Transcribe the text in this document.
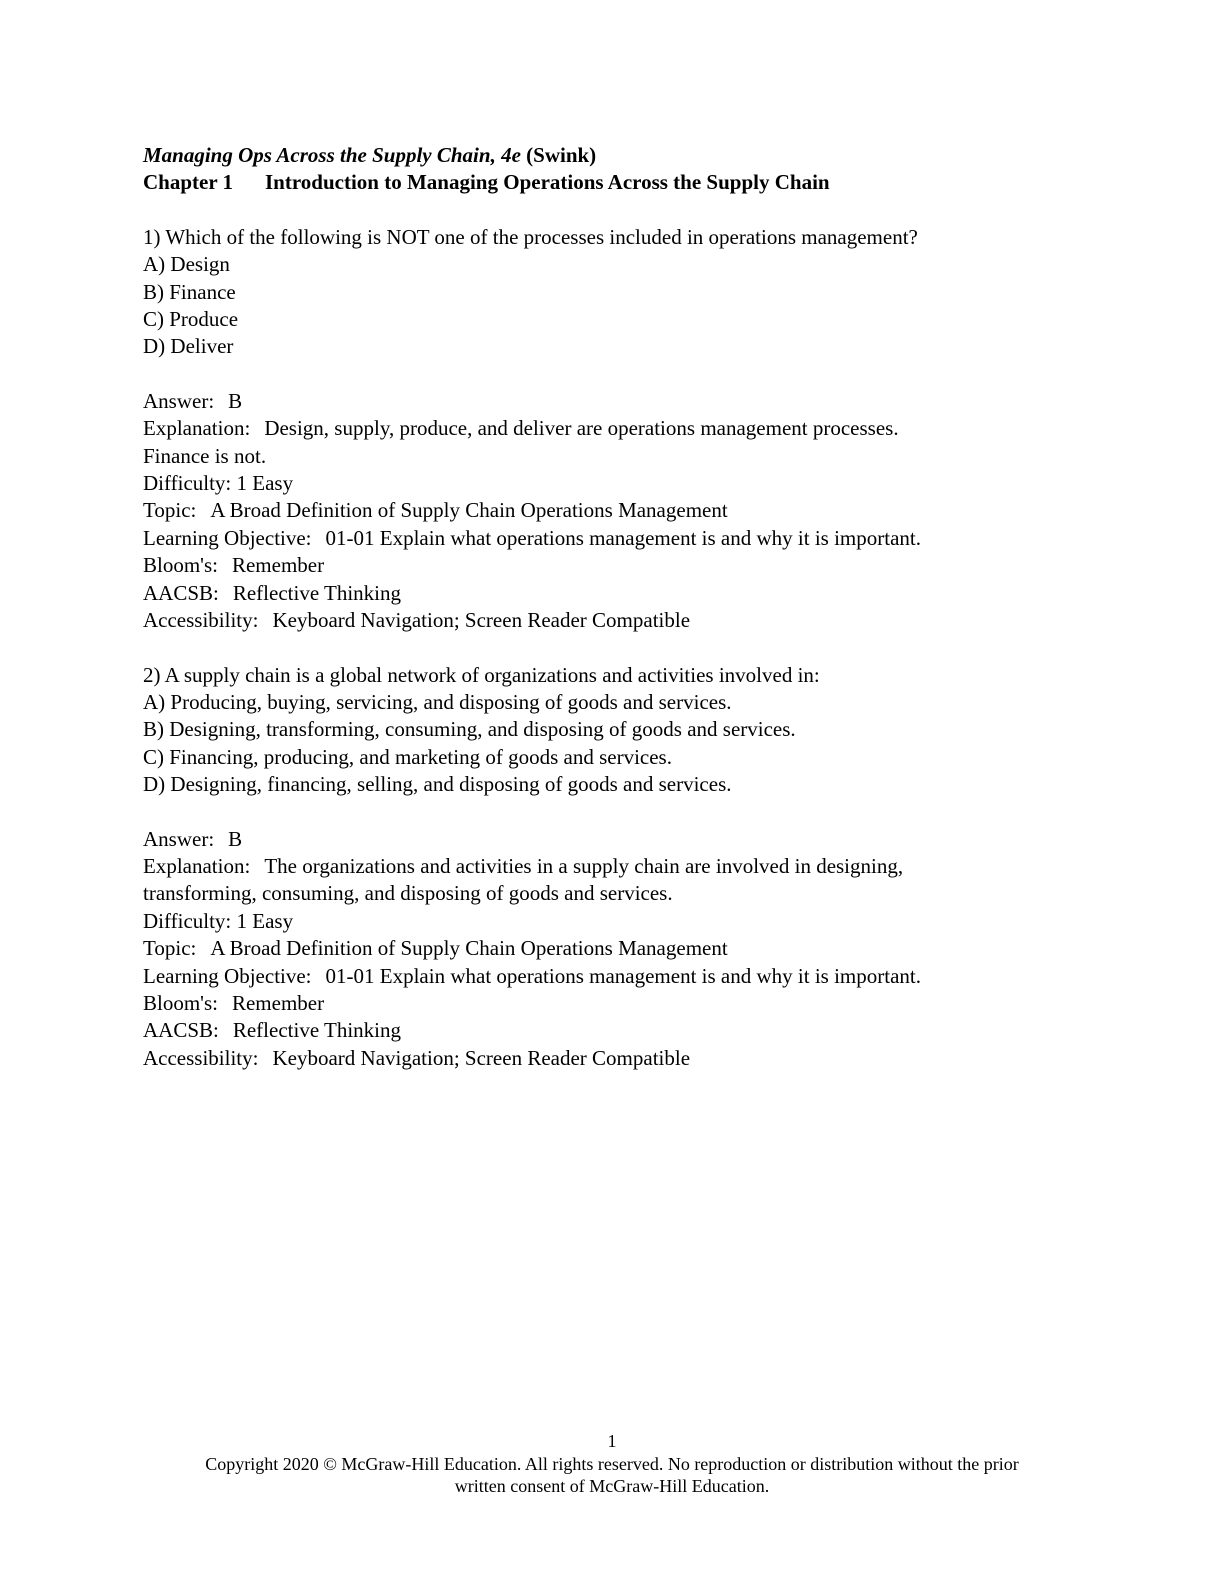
Managing Ops Across the Supply Chain, 4e (Swink)
Chapter 1 Introduction to Managing Operations Across the Supply Chain
1) Which of the following is NOT one of the processes included in operations management?
A) Design
B) Finance
C) Produce
D) Deliver
Answer: B
Explanation: Design, supply, produce, and deliver are operations management processes.
Finance is not.
Difficulty: 1 Easy
Topic: A Broad Definition of Supply Chain Operations Management
Learning Objective: 01-01 Explain what operations management is and why it is important.
Bloom's: Remember
AACSB: Reflective Thinking
Accessibility: Keyboard Navigation; Screen Reader Compatible
2) A supply chain is a global network of organizations and activities involved in:
A) Producing, buying, servicing, and disposing of goods and services.
B) Designing, transforming, consuming, and disposing of goods and services.
C) Financing, producing, and marketing of goods and services.
D) Designing, financing, selling, and disposing of goods and services.
Answer: B
Explanation: The organizations and activities in a supply chain are involved in designing,
transforming, consuming, and disposing of goods and services.
Difficulty: 1 Easy
Topic: A Broad Definition of Supply Chain Operations Management
Learning Objective: 01-01 Explain what operations management is and why it is important.
Bloom's: Remember
AACSB: Reflective Thinking
Accessibility: Keyboard Navigation; Screen Reader Compatible
1
Copyright 2020 © McGraw-Hill Education. All rights reserved. No reproduction or distribution without the prior
written consent of McGraw-Hill Education.
